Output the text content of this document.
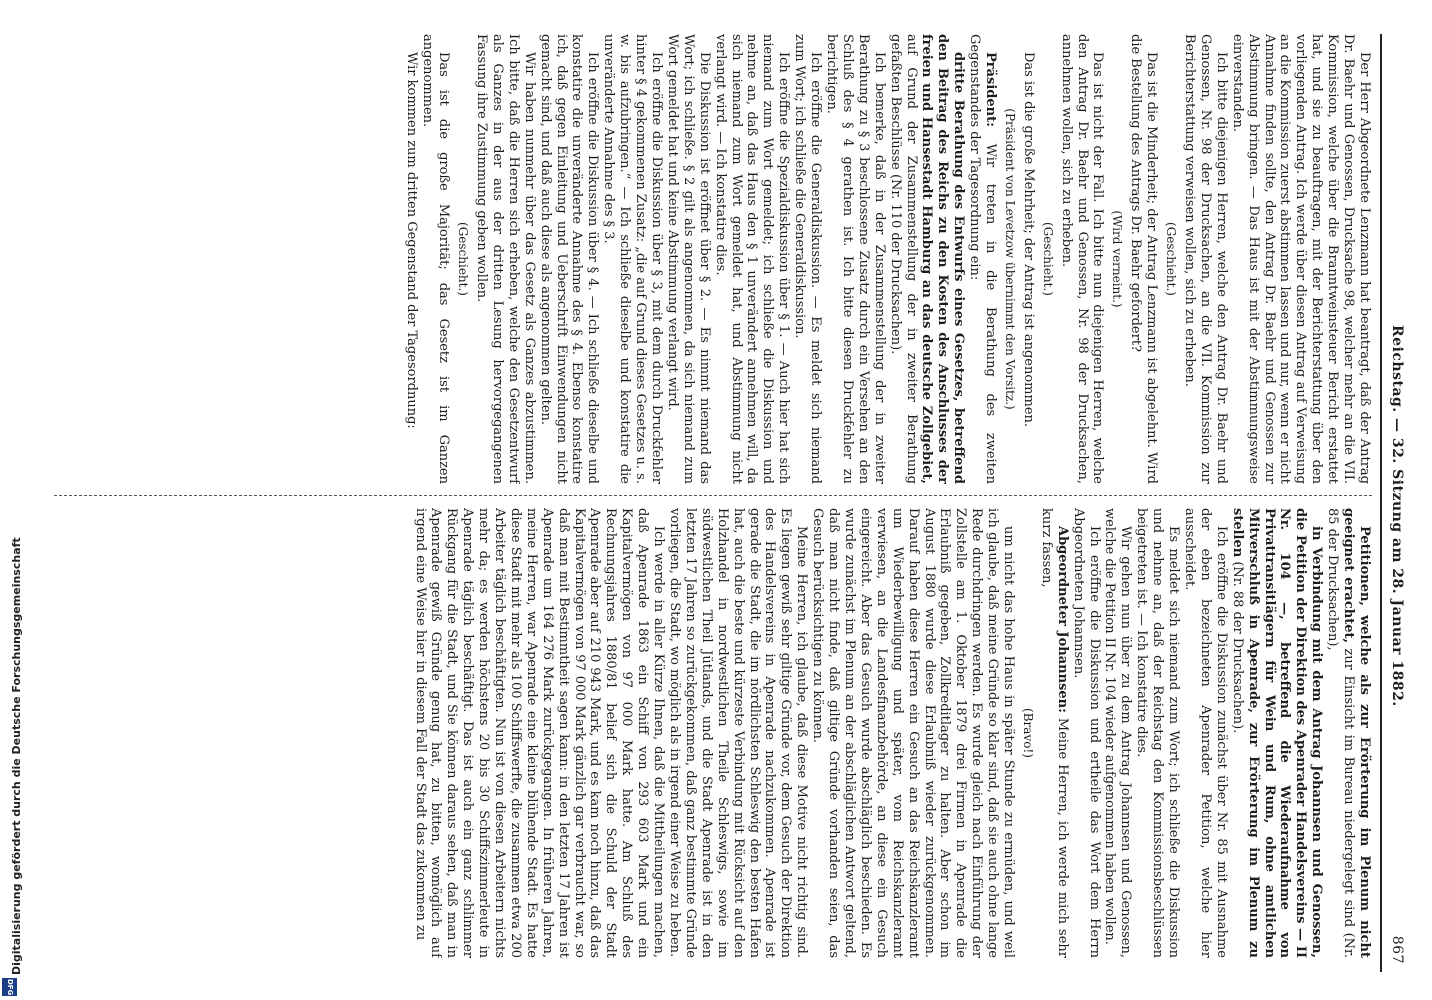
Reichstag. — 32. Sitzung am 28. Januar 1882.
867

Der Herr Abgeordnete Lenzmann hat beantragt, daß der Antrag Dr. Baehr und Genossen, Drucksache 98, welcher mehr an die VII. Kommission, welche über die Branntweinsteuer Bericht erstattet hat, und sie zu beauftragen, mit der Berichterstattung über den vorliegenden Antrag. Ich werde über diesen Antrag auf Verweisung an die Kommission zuerst abstimmen lassen und nur, wenn er nicht Annahme finden sollte, den Antrag Dr. Baehr und Genossen zur Abstimmung bringen. — Das Haus ist mit der Abstimmungsweise einverstanden.

Ich bitte diejenigen Herren, welche den Antrag Dr. Baehr und Genossen, Nr. 98 der Drucksachen, an die VII. Kommission zur Berichterstattung verweisen wollen, sich zu erheben.

(Geschieht.)

Das ist die Minderheit; der Antrag Lenzmann ist abgelehnt. Wird die Bestellung des Antrags Dr. Baehr gefordert?

(Wird verneint.)

Das ist nicht der Fall. Ich bitte nun diejenigen Herren, welche den Antrag Dr. Baehr und Genossen, Nr. 98 der Drucksachen, annehmen wollen, sich zu erheben.

(Geschieht.)

Das ist die große Mehrheit; der Antrag ist angenommen.

(Präsident von Levetzow übernimmt den Vorsitz.)

Präsident: Wir treten in die Berathung des zweiten Gegenstandes der Tagesordnung ein:

dritte Berathung des Entwurfs eines Gesetzes, betreffend den Beitrag des Reichs zu den Kosten des Anschlusses der freien und Hansestadt Hamburg an das deutsche Zollgebiet, auf Grund der Zusammenstellung der in zweiter Berathung gefaßten Beschlüsse (Nr. 110 der Drucksachen).

Ich bemerke, daß in der Zusammenstellung der in zweiter Berathung zu § 3 beschlossene Zusatz durch ein Versehen an den Schluß des § 4 gerathen ist. Ich bitte diesen Druckfehler zu berichtigen.

Ich eröffne die Generaldiskussion. — Es meldet sich niemand zum Wort; ich schließe die Generaldiskussion.

Ich eröffne die Spezialdiskussion über § 1. — Auch hier hat sich niemand zum Wort gemeldet; ich schließe die Diskussion und nehme an, daß das Haus den § 1 unverändert annehmen will, da sich niemand zum Wort gemeldet hat, und Abstimmung nicht verlangt wird. — Ich konstatire dies.

Die Diskussion ist eröffnet über § 2. — Es nimmt niemand das Wort; ich schließe. § 2 gilt als angenommen, da sich niemand zum Wort gemeldet hat und keine Abstimmung verlangt wird.

Ich eröffne die Diskussion über § 3, mit dem durch Druckfehler hinter § 4 gekommenen Zusatz: „die auf Grund dieses Gesetzes u. s. w. bis aufzubringen.“ — Ich schließe dieselbe und konstatire die unveränderte Annahme des § 3.

Ich eröffne die Diskussion über § 4. — Ich schließe dieselbe und konstatire die unveränderte Annahme des § 4. Ebenso konstatire ich, daß gegen Einleitung und Ueberschrift Einwendungen nicht gemacht sind, und daß auch diese als angenommen gelten.

Wir haben nunmehr über das Gesetz als Ganzes abzustimmen. Ich bitte, daß die Herren sich erheben, welche den Gesetzentwurf als Ganzes in der aus der dritten Lesung hervorgegangenen Fassung ihre Zustimmung geben wollen.

(Geschieht.)

Das ist die große Majorität; das Gesetz ist im Ganzen angenommen.

Wir kommen zum dritten Gegenstand der Tagesordnung:

Petitionen, welche als zur Erörterung im Plenum nicht geeignet erachtet, zur Einsicht im Bureau niedergelegt sind (Nr. 85 der Drucksachen),

in Verbindung mit dem Antrag Johannsen und Genossen, die Petition der Direktion des Apenrader Handelsvereins — II Nr. 104 —, betreffend die Wiederaufnahme von Privattransitlägern für Wein und Rum, ohne amtlichen Mitverschluß in Apenrade, zur Erörterung im Plenum zu stellen (Nr. 88 der Drucksachen).

Ich eröffne die Diskussion zunächst über Nr. 85 mit Ausnahme der eben bezeichneten Apenrader Petition, welche hier ausscheidet.

Es meldet sich niemand zum Wort; ich schließe die Diskussion und nehme an, daß der Reichstag den Kommissionsbeschlüssen beigetreten ist. — Ich konstatire dies.

Wir gehen nun über zu dem Antrag Johannsen und Genossen, welche die Petition II Nr. 104 wieder aufgenommen haben wollen.

Ich eröffne die Diskussion und ertheile das Wort dem Herrn Abgeordneten Johannsen.

Abgeordneter Johannsen: Meine Herren, ich werde mich sehr kurz fassen,

(Bravo!)

um nicht das hohe Haus in später Stunde zu ermüden, und weil ich glaube, daß meine Gründe so klar sind, daß sie auch ohne lange Rede durchdringen werden. Es wurde gleich nach Einführung der Zollstelle am 1. Oktober 1879 drei Firmen in Apenrade die Erlaubniß gegeben, Zollkreditlager zu halten. Aber schon im August 1880 wurde diese Erlaubniß wieder zurückgenommen. Darauf haben diese Herren ein Gesuch an das Reichskanzleramt um Wiederbewilligung und später, vom Reichskanzleramt verwiesen, an die Landesfinanzbehörde, an diese ein Gesuch eingereicht. Aber das Gesuch wurde abschläglich beschieden. Es wurde zunächst im Plenum an der abschläglichen Antwort geltend, daß man nicht finde, daß giltige Gründe vorhanden seien, das Gesuch berücksichtigen zu können.

Meine Herren, ich glaube, daß diese Motive nicht richtig sind. Es liegen gewiß sehr giltige Gründe vor, dem Gesuch der Direktion des Handelsvereins in Apenrade nachzukommen. Apenrade ist gerade die Stadt, die im nördlichsten Schleswig den besten Hafen hat, auch die beste und kürzeste Verbindung mit Rücksicht auf den Holzhandel in nordwestlichen Theile Schleswigs, sowie im südwestlichen Theil Jütlands, und die Stadt Apenrade ist in den letzten 17 Jahren so zurückgekommen, daß ganz bestimmte Gründe vorliegen, die Stadt, wo möglich als in irgend einer Weise zu heben.

Ich werde in aller Kürze Ihnen, daß die Mittheilungen machen, daß Apenrade 1863 ein Schiff von 293 603 Mark und ein Kapitalvermögen von 97 000 Mark hatte. Am Schluß des Rechnungsjahres 1880/81 belief sich die Schuld der Stadt Apenrade aber auf 210 943 Mark, und es kam noch hinzu, daß das Kapitalvermögen von 97 000 Mark gänzlich gar verbraucht war, so daß man mit Bestimmtheit sagen kann: in den letzten 17 Jahren ist Apenrade um 164 276 Mark zurückgegangen. In früheren Jahren, meine Herren, war Apenrade eine kleine blühende Stadt. Es hatte diese Stadt mit mehr als 100 Schiffswerfte, die zusammen etwa 200 Arbeiter täglich beschäftigten. Nun ist von diesen Arbeitern nichts mehr da; es werden höchstens 20 bis 30 Schiffszimmerleute in Apenrade täglich beschäftigt. Das ist auch ein ganz schlimmer Rückgang für die Stadt, und Sie können daraus sehen, daß man in Apenrade gewiß Gründe genug hat, zu bitten, womöglich auf irgend eine Weise hier in diesem Fall der Stadt das zukommen zu

Digitalisierung gefördert durch die Deutsche Forschungsgemeinschaft
DFG
